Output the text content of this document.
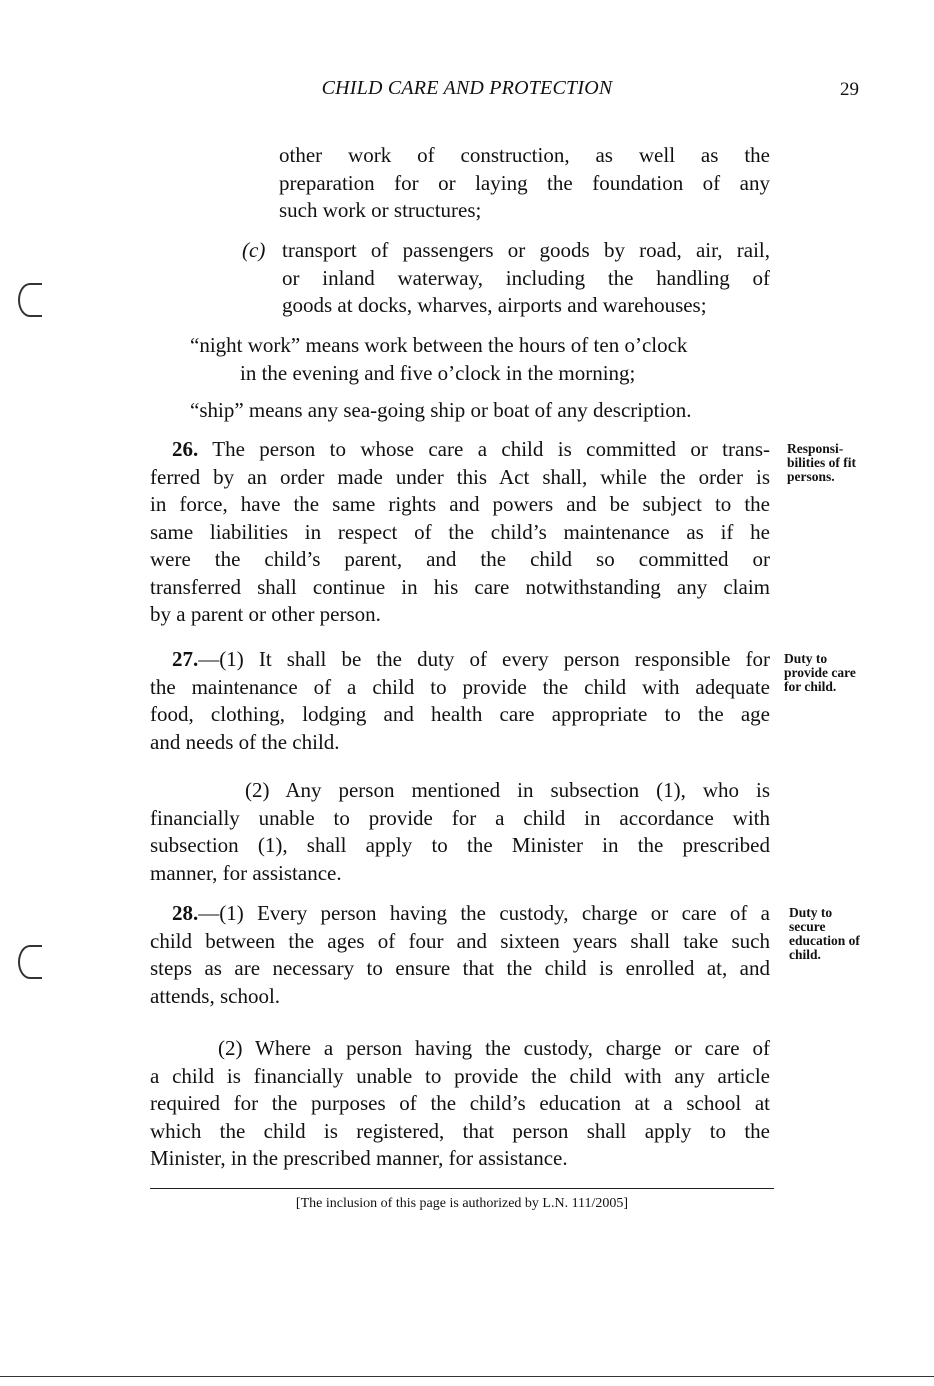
CHILD CARE AND PROTECTION	29
other work of construction, as well as the
preparation for or laying the foundation of any
such work or structures;
(c) transport of passengers or goods by road, air, rail,
or inland waterway, including the handling of
goods at docks, wharves, airports and warehouses;
“night work” means work between the hours of ten o’clock
in the evening and five o’clock in the morning;
“ship” means any sea-going ship or boat of any description.
26. The person to whose care a child is committed or trans-
ferred by an order made under this Act shall, while the order is
in force, have the same rights and powers and be subject to the
same liabilities in respect of the child’s maintenance as if he
were the child’s parent, and the child so committed or
transferred shall continue in his care notwithstanding any claim
by a parent or other person.
Responsi-
bilities of fit
persons.
27.—(1) It shall be the duty of every person responsible for
the maintenance of a child to provide the child with adequate
food, clothing, lodging and health care appropriate to the age
and needs of the child.
Duty to
provide care
for child.
(2) Any person mentioned in subsection (1), who is
financially unable to provide for a child in accordance with
subsection (1), shall apply to the Minister in the prescribed
manner, for assistance.
28.—(1) Every person having the custody, charge or care of a
child between the ages of four and sixteen years shall take such
steps as are necessary to ensure that the child is enrolled at, and
attends, school.
Duty to
secure
education of
child.
(2) Where a person having the custody, charge or care of
a child is financially unable to provide the child with any article
required for the purposes of the child’s education at a school at
which the child is registered, that person shall apply to the
Minister, in the prescribed manner, for assistance.
[The inclusion of this page is authorized by L.N. 111/2005]
